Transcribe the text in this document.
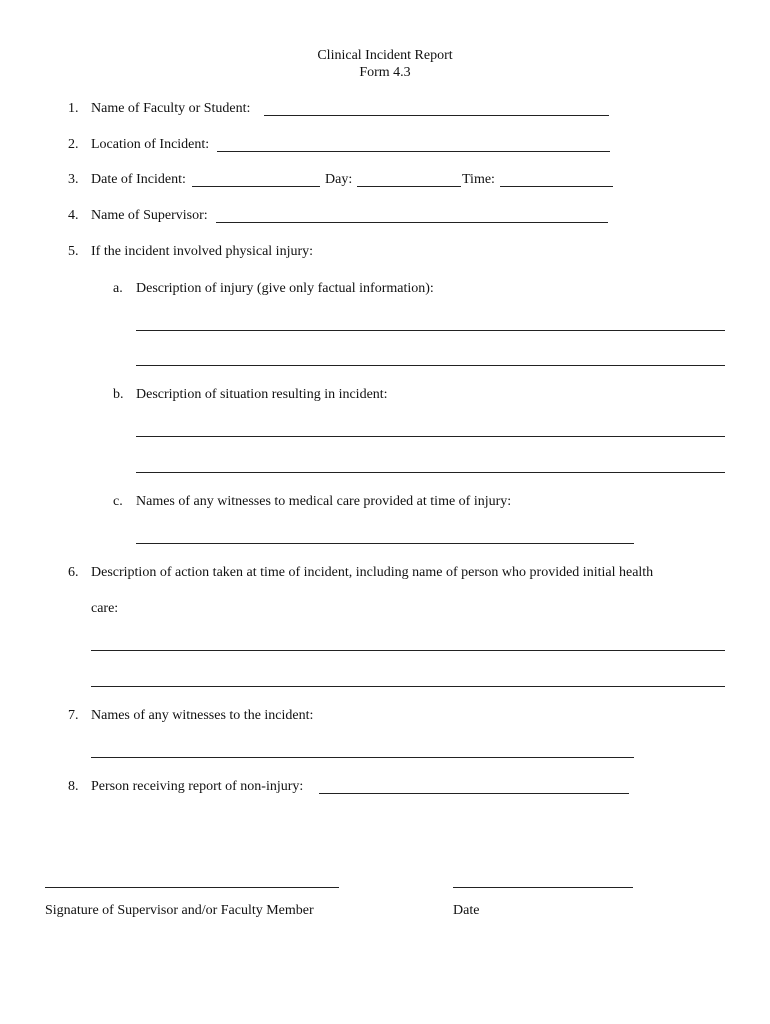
Clinical Incident Report
Form 4.3
1. Name of Faculty or Student:
2. Location of Incident:
3. Date of Incident:	Day:	Time:
4. Name of Supervisor:
5. If the incident involved physical injury:
a. Description of injury (give only factual information):
b. Description of situation resulting in incident:
c. Names of any witnesses to medical care provided at time of injury:
6. Description of action taken at time of incident, including name of person who provided initial health
care:
7. Names of any witnesses to the incident:
8. Person receiving report of non-injury:
Signature of Supervisor and/or Faculty Member	Date
